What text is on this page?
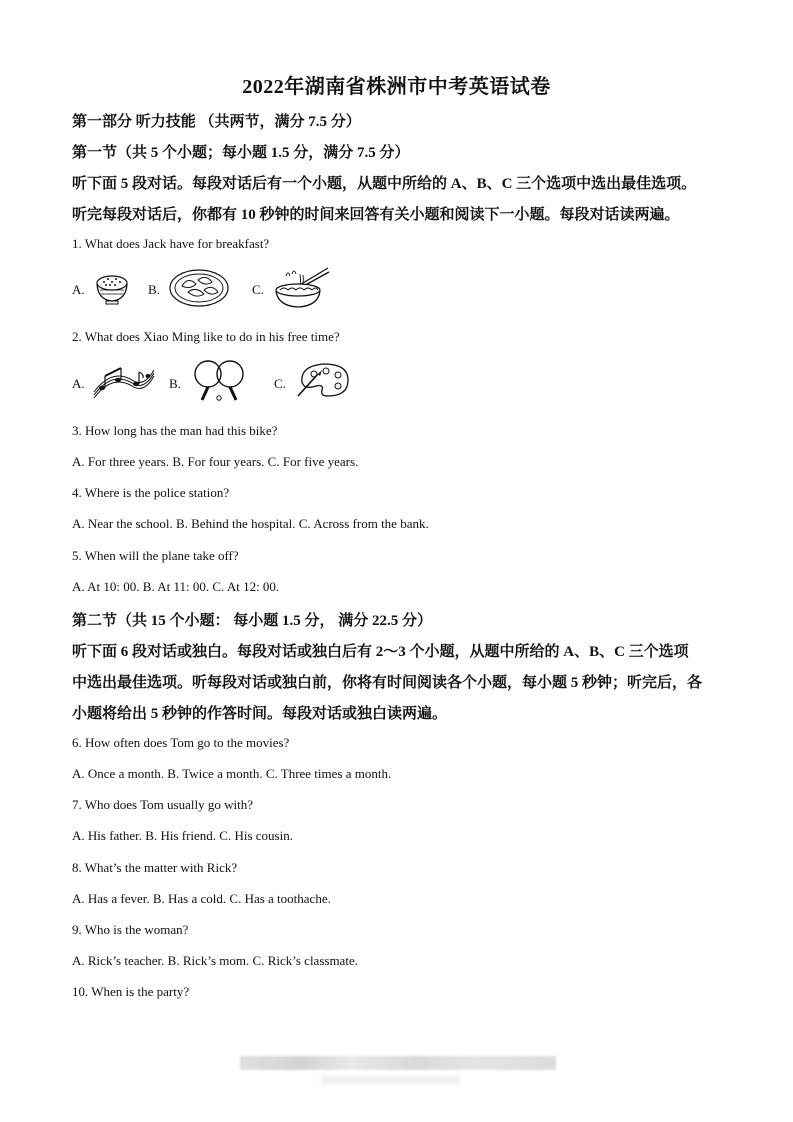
2022年湖南省株洲市中考英语试卷
第一部分 听力技能 （共两节，满分 7.5 分）
第一节（共 5 个小题；每小题 1.5 分，满分 7.5 分）
听下面 5 段对话。每段对话后有一个小题，从题中所给的 A、B、C 三个选项中选出最佳选项。
听完每段对话后，你都有 10 秒钟的时间来回答有关小题和阅读下一小题。每段对话读两遍。
1. What does Jack have for breakfast?
A.	B.	C.
2. What does Xiao Ming like to do in his free time?
A.	B.	C.
3. How long has the man had this bike?
A. For three years. B. For four years. C. For five years.
4. Where is the police station?
A. Near the school. B. Behind the hospital. C. Across from the bank.
5. When will the plane take off?
A. At 10: 00. B. At 11: 00. C. At 12: 00.
第二节（共 15 个小题： 每小题 1.5 分， 满分 22.5 分）
听下面 6 段对话或独白。每段对话或独白后有 2～3 个小题，从题中所给的 A、B、C 三个选项
中选出最佳选项。听每段对话或独白前，你将有时间阅读各个小题，每小题 5 秒钟；听完后，各
小题将给出 5 秒钟的作答时间。每段对话或独白读两遍。
6. How often does Tom go to the movies?
A. Once a month. B. Twice a month. C. Three times a month.
7. Who does Tom usually go with?
A. His father. B. His friend. C. His cousin.
8. What’s the matter with Rick?
A. Has a fever. B. Has a cold. C. Has a toothache.
9. Who is the woman?
A. Rick’s teacher. B. Rick’s mom. C. Rick’s classmate.
10. When is the party?
